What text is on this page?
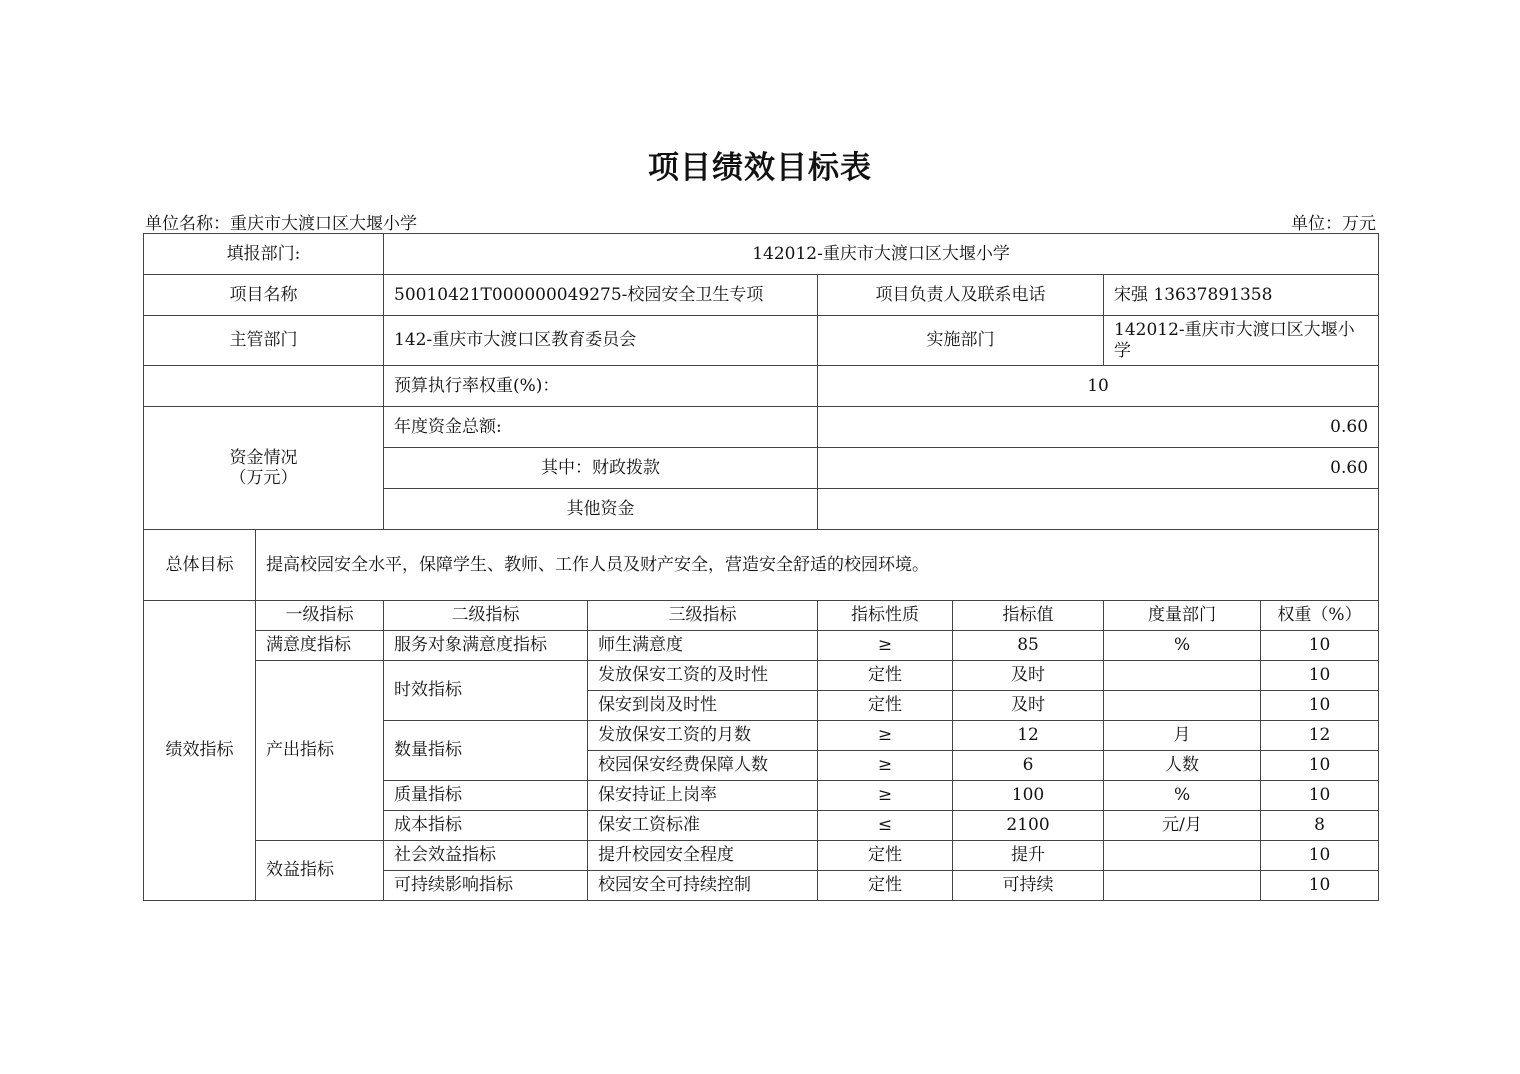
项目绩效目标表
单位名称：重庆市大渡口区大堰小学	单位：万元
填报部门:		142012-重庆市大渡口区大堰小学					
项目名称		50010421T000000049275-校园安全卫生专项		项目负责人及联系电话		宋强 13637891358	
主管部门		142-重庆市大渡口区教育委员会		实施部门		142012-重庆市大渡口区大堰小学	
		预算执行率权重(%)：		10			
资金情况（万元）		年度资金总额:		0.60			
		其中：财政拨款		0.60			
		其他资金					
总体目标	提高校园安全水平，保障学生、教师、工作人员及财产安全，营造安全舒适的校园环境。						
绩效指标	一级指标	二级指标	三级指标	指标性质	指标值	度量部门	权重（%）
	满意度指标	服务对象满意度指标	师生满意度	≥	85	%	10
	产出指标	时效指标	发放保安工资的及时性	定性	及时		10
			保安到岗及时性	定性	及时		10
		数量指标	发放保安工资的月数	≥	12	月	12
			校园保安经费保障人数	≥	6	人数	10
		质量指标	保安持证上岗率	≥	100	%	10
		成本指标	保安工资标准	≤	2100	元/月	8
	效益指标	社会效益指标	提升校园安全程度	定性	提升		10
		可持续影响指标	校园安全可持续控制	定性	可持续		10
